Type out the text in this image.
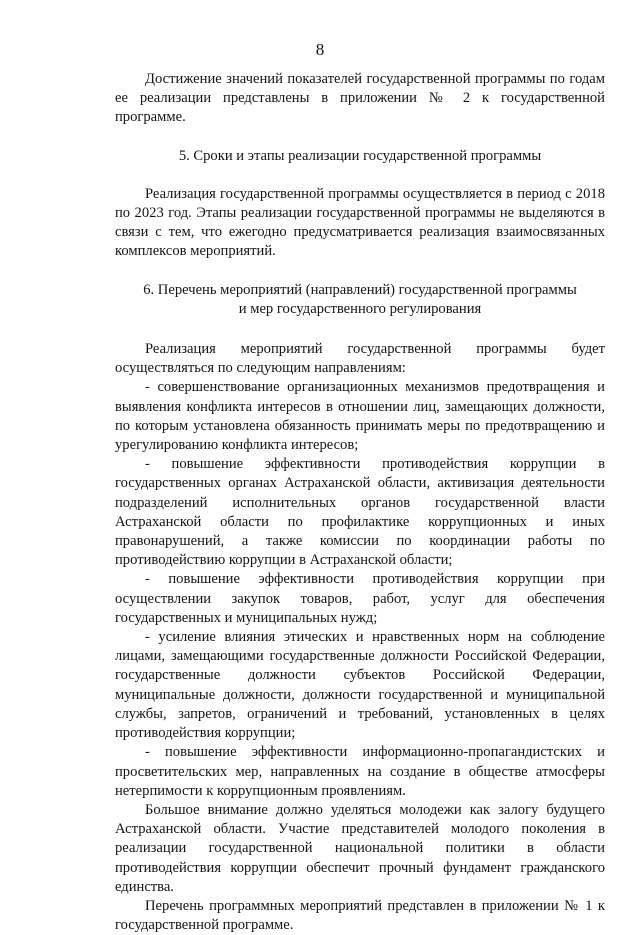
8

Достижение значений показателей государственной программы по годам ее реализации представлены в приложении № 2 к государственной программе.

5. Сроки и этапы реализации государственной программы

Реализация государственной программы осуществляется в период с 2018 по 2023 год. Этапы реализации государственной программы не выделяются в связи с тем, что ежегодно предусматривается реализация взаимосвязанных комплексов мероприятий.

6. Перечень мероприятий (направлений) государственной программы
и мер государственного регулирования

Реализация мероприятий государственной программы будет осуществляться по следующим направлениям:

- совершенствование организационных механизмов предотвращения и выявления конфликта интересов в отношении лиц, замещающих должности, по которым установлена обязанность принимать меры по предотвращению и урегулированию конфликта интересов;

- повышение эффективности противодействия коррупции в государственных органах Астраханской области, активизация деятельности подразделений исполнительных органов государственной власти Астраханской области по профилактике коррупционных и иных правонарушений, а также комиссии по координации работы по противодействию коррупции в Астраханской области;

- повышение эффективности противодействия коррупции при осуществлении закупок товаров, работ, услуг для обеспечения государственных и муниципальных нужд;

- усиление влияния этических и нравственных норм на соблюдение лицами, замещающими государственные должности Российской Федерации, государственные должности субъектов Российской Федерации, муниципальные должности, должности государственной и муниципальной службы, запретов, ограничений и требований, установленных в целях противодействия коррупции;

- повышение эффективности информационно-пропагандистских и просветительских мер, направленных на создание в обществе атмосферы нетерпимости к коррупционным проявлениям.

Большое внимание должно уделяться молодежи как залогу будущего Астраханской области. Участие представителей молодого поколения в реализации государственной национальной политики в области противодействия коррупции обеспечит прочный фундамент гражданского единства.

Перечень программных мероприятий представлен в приложении № 1 к государственной программе.
